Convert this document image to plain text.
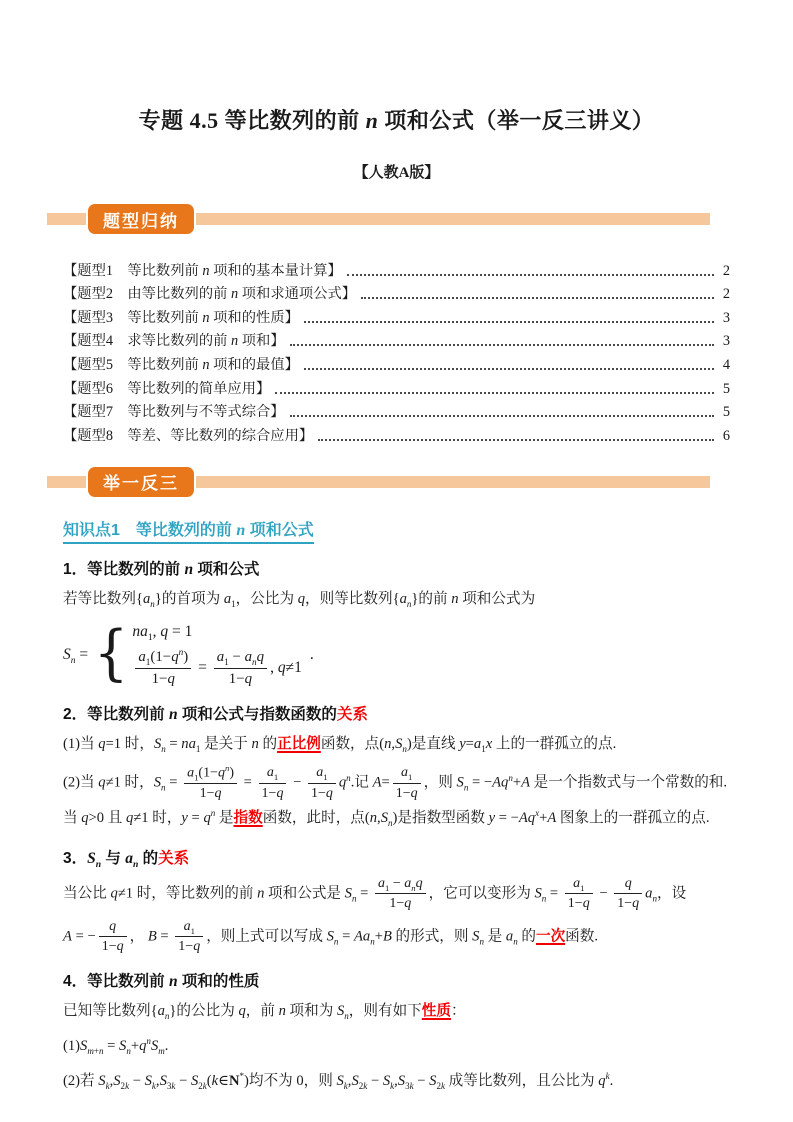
专题 4.5 等比数列的前 n 项和公式（举一反三讲义）
【人教A版】
题型归纳
【题型1　等比数列前 n 项和的基本量计算】	2
【题型2　由等比数列的前 n 项和求通项公式】	2
【题型3　等比数列前 n 项和的性质】	3
【题型4　求等比数列的前 n 项和】	3
【题型5　等比数列前 n 项和的最值】	4
【题型6　等比数列的简单应用】	5
【题型7　等比数列与不等式综合】	5
【题型8　等差、等比数列的综合应用】	6
举一反三
知识点1　等比数列的前 n 项和公式
1．等比数列的前 n 项和公式

若等比数列$\{a_n\}$的首项为 $a_1$，公比为 q，则等比数列$\{a_n\}$的前 n 项和公式为

$S_n$ = { $na_1$, q = 1
$\frac{a_1(1-q^n)}{1-q} = \frac{a_1 - a_nq}{1-q}$ , q≠1
.
2．等比数列前 n 项和公式与指数函数的关系

(1)当 q=1 时，$S_n = na_1$ 是关于 n 的正比例函数，点$(n,S_n)$是直线 $y=a_1x$ 上的一群孤立的点.

(2)当 q≠1 时，$S_n = \frac{a_1(1-q^n)}{1-q} = \frac{a_1}{1-q} - \frac{a_1}{1-q} q^n$.记 $A= \frac{a_1}{1-q}$ ，则 $S_n = -Aq^n+A$ 是一个指数式与一个常数的和.当 q>0 且 q≠1 时，$y = q^n$ 是指数函数，此时，点$(n,S_n)$是指数型函数 $y = -Aq^x+A$ 图象上的一群孤立的点.

3．$S_n$ 与 $a_n$ 的关系

当公比 q≠1 时，等比数列的前 n 项和公式是 $S_n = \frac{a_1 - a_nq}{1-q}$ ，它可以变形为 $S_n = \frac{a_1}{1-q} - \frac{q}{1-q} a_n$，设

A = − $\frac{q}{1-q}$ ， $B = \frac{a_1}{1-q}$ ，则上式可以写成 $S_n = Aa_n+B$ 的形式，则 $S_n$ 是 $a_n$ 的一次函数.

4．等比数列前 n 项和的性质

已知等比数列$\{a_n\}$的公比为 q，前 n 项和为 $S_n$，则有如下性质：

$(1)S_{m+n} = S_n+q^nS_m$.

(2)若 $S_k,S_{2k} - S_k,S_{3k}$ − $S_{2k}(k\in N^*)$均不为 0，则 $S_k,S_{2k} - S_k,S_{3k} - S_{2k}$ 成等比数列，且公比为 $q^k$.
